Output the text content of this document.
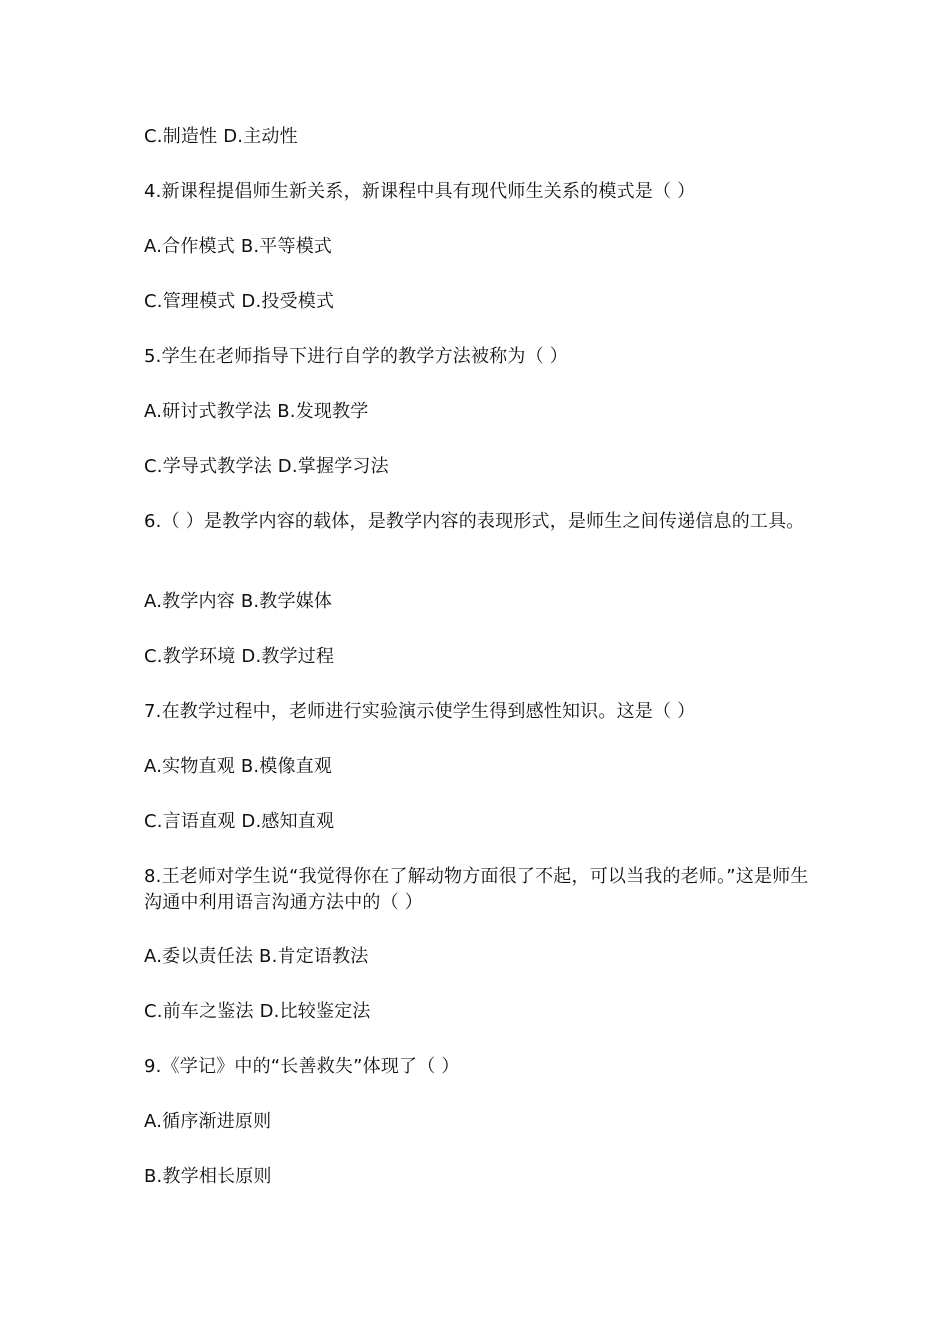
C.制造性 D.主动性
4.新课程提倡师生新关系，新课程中具有现代师生关系的模式是（ ）
A.合作模式 B.平等模式
C.管理模式 D.投受模式
5.学生在老师指导下进行自学的教学方法被称为（ ）
A.研讨式教学法 B.发现教学
C.学导式教学法 D.掌握学习法
6.（ ）是教学内容的载体，是教学内容的表现形式，是师生之间传递信息的工具。
A.教学内容 B.教学媒体
C.教学环境 D.教学过程
7.在教学过程中，老师进行实验演示使学生得到感性知识。这是（ ）
A.实物直观 B.模像直观
C.言语直观 D.感知直观
8.王老师对学生说“我觉得你在了解动物方面很了不起，可以当我的老师。”这是师生沟通中利用语言沟通方法中的（ ）
A.委以责任法 B.肯定语教法
C.前车之鉴法 D.比较鉴定法
9.《学记》中的“长善救失”体现了（ ）
A.循序渐进原则
B.教学相长原则
